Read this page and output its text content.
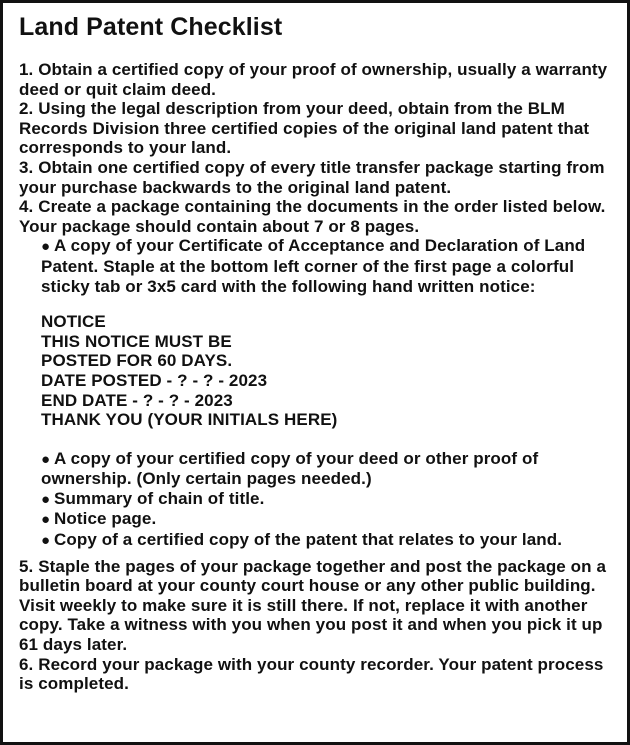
Land Patent Checklist

1. Obtain a certified copy of your proof of ownership, usually a warranty deed or quit claim deed.

2. Using the legal description from your deed, obtain from the BLM Records Division three certified copies of the original land patent that corresponds to your land.

3. Obtain one certified copy of every title transfer package starting from your purchase backwards to the original land patent.

4. Create a package containing the documents in the order listed below. Your package should contain about 7 or 8 pages.

● A copy of your Certificate of Acceptance and Declaration of Land Patent. Staple at the bottom left corner of the first page a colorful sticky tab or 3x5 card with the following hand written notice:

NOTICE
THIS NOTICE MUST BE
POSTED FOR 60 DAYS.
DATE POSTED - ? - ? - 2023
END DATE - ? - ? - 2023
THANK YOU (YOUR INITIALS HERE)

● A copy of your certified copy of your deed or other proof of ownership. (Only certain pages needed.)

● Summary of chain of title.

● Notice page.

● Copy of a certified copy of the patent that relates to your land.

5. Staple the pages of your package together and post the package on a bulletin board at your county court house or any other public building. Visit weekly to make sure it is still there. If not, replace it with another copy. Take a witness with you when you post it and when you pick it up 61 days later.

6. Record your package with your county recorder. Your patent process is completed.
